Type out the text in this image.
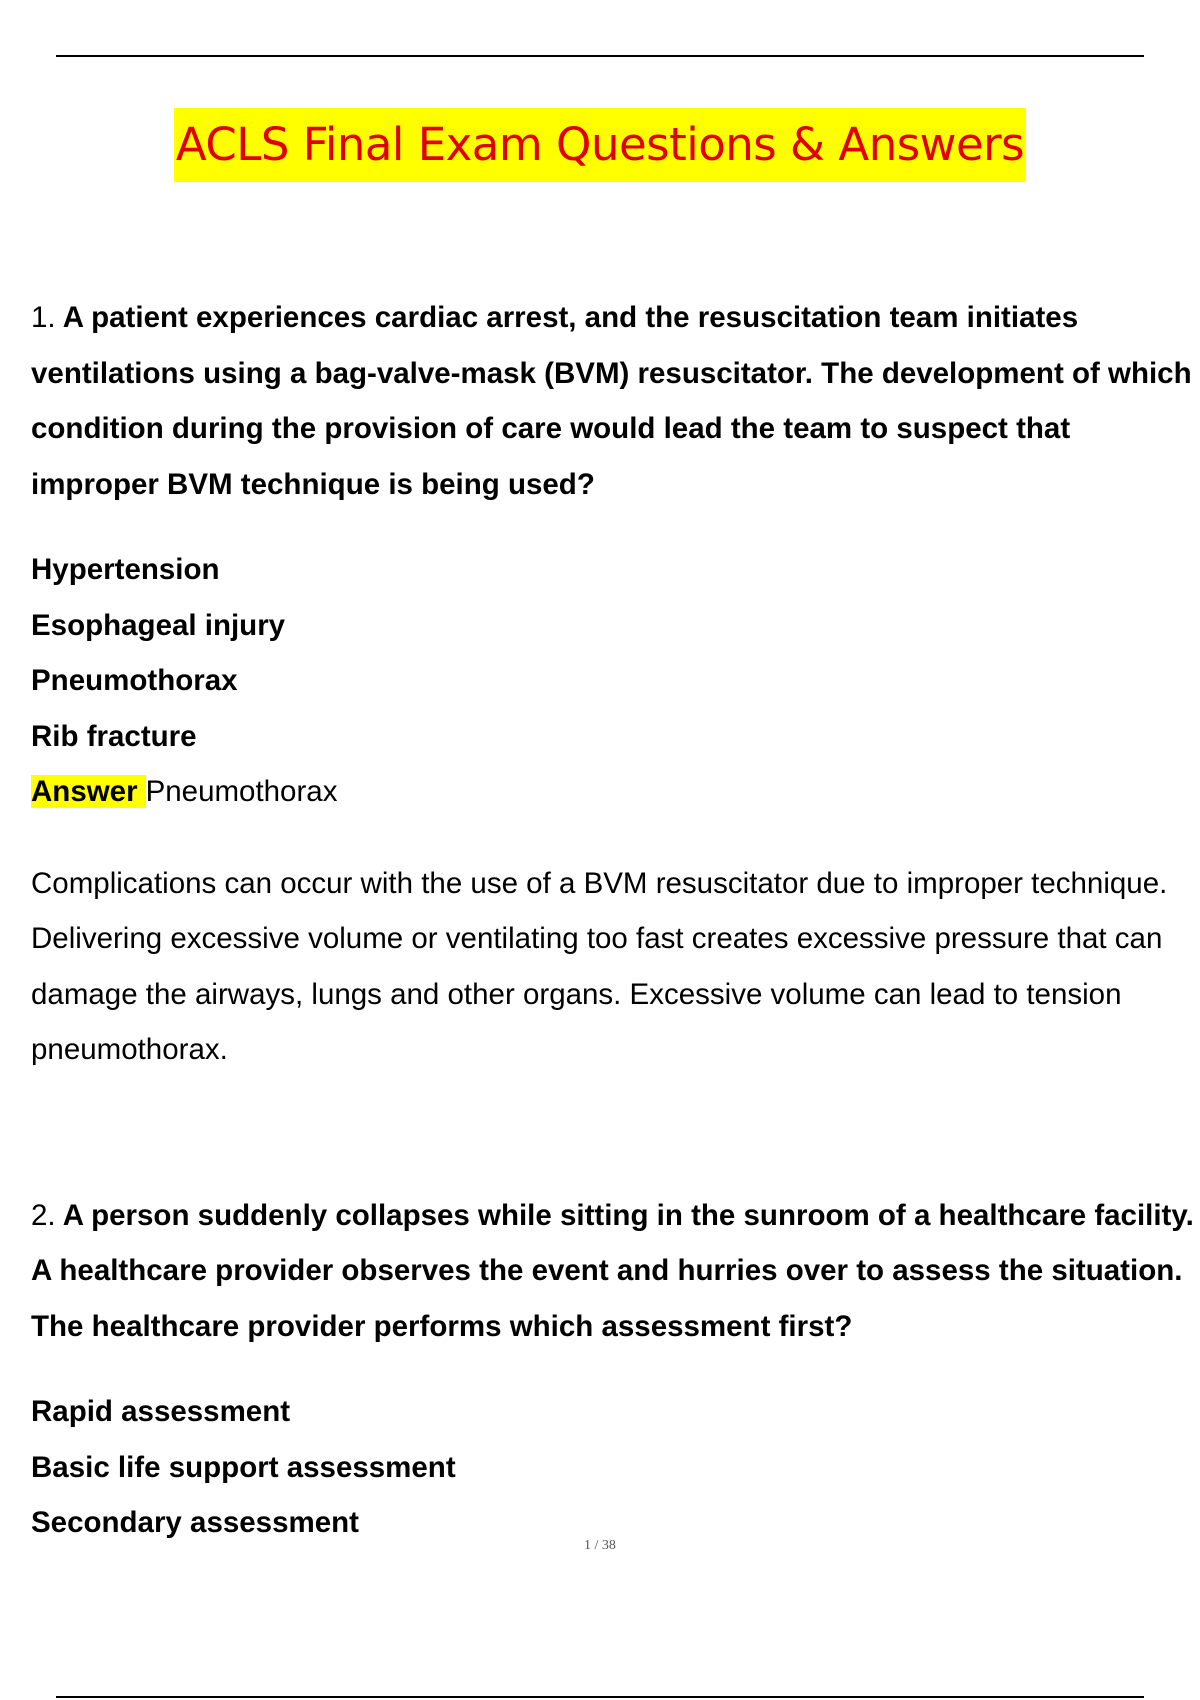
ACLS Final Exam Questions & Answers
1. A patient experiences cardiac arrest, and the resuscitation team initiates ventilations using a bag-valve-mask (BVM) resuscitator. The development of which condition during the provision of care would lead the team to suspect that improper BVM technique is being used?
Hypertension
Esophageal injury
Pneumothorax
Rib fracture
Answer Pneumothorax
Complications can occur with the use of a BVM resuscitator due to improper technique. Delivering excessive volume or ventilating too fast creates excessive pressure that can damage the airways, lungs and other organs. Excessive volume can lead to tension pneumothorax.
2. A person suddenly collapses while sitting in the sunroom of a healthcare facility. A healthcare provider observes the event and hurries over to assess the situation. The healthcare provider performs which assessment first?
Rapid assessment
Basic life support assessment
Secondary assessment
1 / 38
